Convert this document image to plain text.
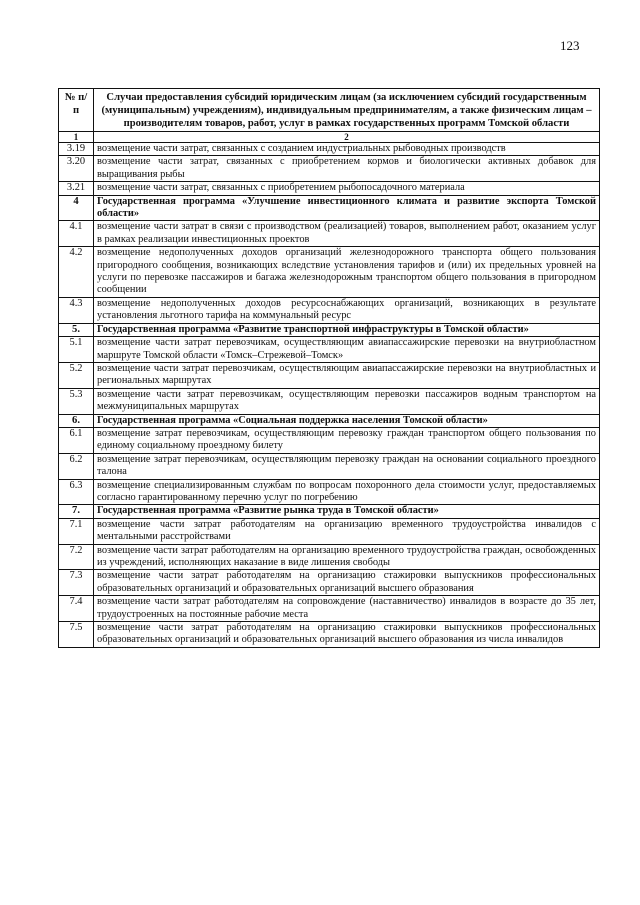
123
№ п/п	Случаи предоставления субсидий юридическим лицам (за исключением субсидий государственным (муниципальным) учреждениям), индивидуальным предпринимателям, а также физическим лицам – производителям товаров, работ, услуг в рамках государственных программ Томской области
1	2
3.19	возмещение части затрат, связанных с созданием индустриальных рыбоводных производств
3.20	возмещение части затрат, связанных с приобретением кормов и биологически активных добавок для выращивания рыбы
3.21	возмещение части затрат, связанных с приобретением рыбопосадочного материала
4	Государственная программа «Улучшение инвестиционного климата и развитие экспорта Томской области»
4.1	возмещение части затрат в связи с производством (реализацией) товаров, выполнением работ, оказанием услуг в рамках реализации инвестиционных проектов
4.2	возмещение недополученных доходов организаций железнодорожного транспорта общего пользования пригородного сообщения, возникающих вследствие установления тарифов и (или) их предельных уровней на услуги по перевозке пассажиров и багажа железнодорожным транспортом общего пользования в пригородном сообщении
4.3	возмещение недополученных доходов ресурсоснабжающих организаций, возникающих в результате установления льготного тарифа на коммунальный ресурс
5.	Государственная программа «Развитие транспортной инфраструктуры в Томской области»
5.1	возмещение части затрат перевозчикам, осуществляющим авиапассажирские перевозки на внутриобластном маршруте Томской области «Томск–Стрежевой–Томск»
5.2	возмещение части затрат перевозчикам, осуществляющим авиапассажирские перевозки на внутриобластных и региональных маршрутах
5.3	возмещение части затрат перевозчикам, осуществляющим перевозки пассажиров водным транспортом на межмуниципальных маршрутах
6.	Государственная программа «Социальная поддержка населения Томской области»
6.1	возмещение затрат перевозчикам, осуществляющим перевозку граждан транспортом общего пользования по единому социальному проездному билету
6.2	возмещение затрат перевозчикам, осуществляющим перевозку граждан на основании социального проездного талона
6.3	возмещение специализированным службам по вопросам похоронного дела стоимости услуг, предоставляемых согласно гарантированному перечню услуг по погребению
7.	Государственная программа «Развитие рынка труда в Томской области»
7.1	возмещение части затрат работодателям на организацию временного трудоустройства инвалидов с ментальными расстройствами
7.2	возмещение части затрат работодателям на организацию временного трудоустройства граждан, освобожденных из учреждений, исполняющих наказание в виде лишения свободы
7.3	возмещение части затрат работодателям на организацию стажировки выпускников профессиональных образовательных организаций и образовательных организаций высшего образования
7.4	возмещение части затрат работодателям на сопровождение (наставничество) инвалидов в возрасте до 35 лет, трудоустроенных на постоянные рабочие места
7.5	возмещение части затрат работодателям на организацию стажировки выпускников профессиональных образовательных организаций и образовательных организаций высшего образования из числа инвалидов
